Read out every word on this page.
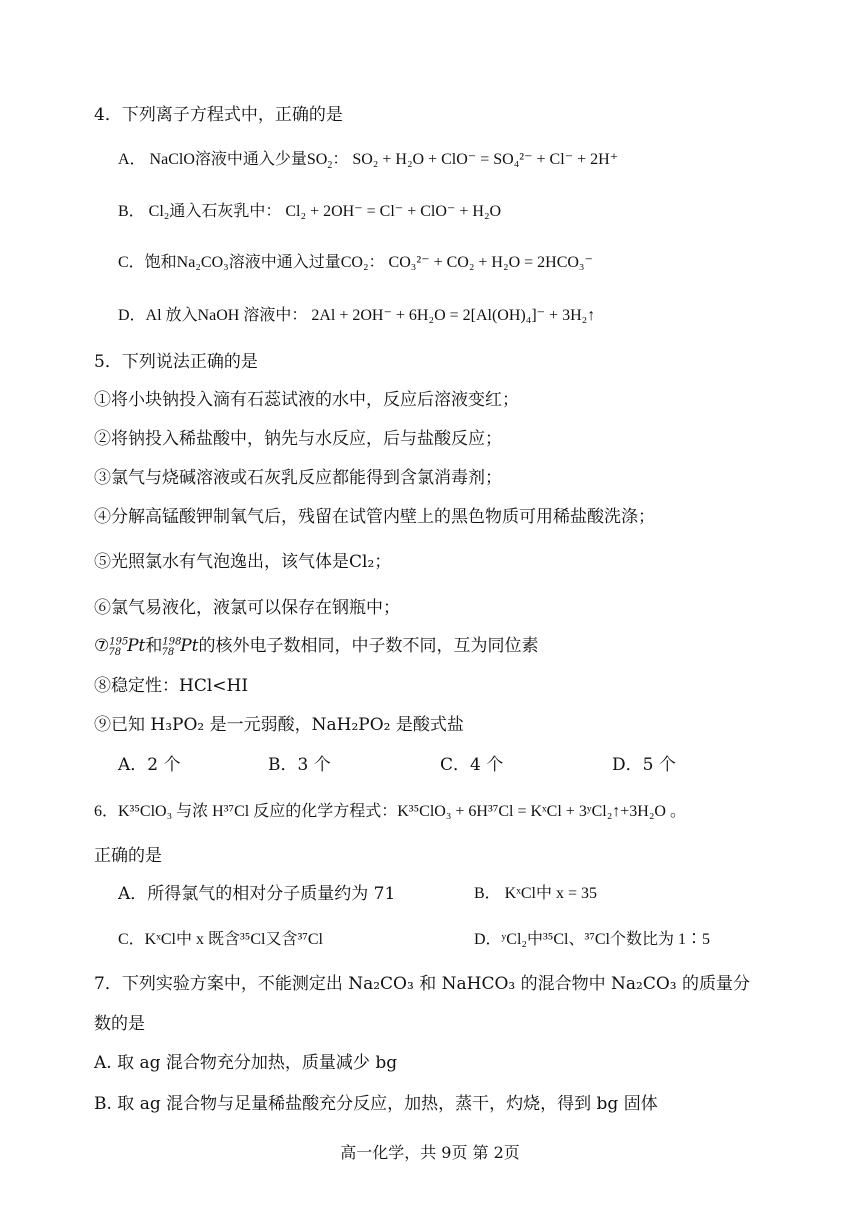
4．下列离子方程式中，正确的是
A． NaClO溶液中通入少量$SO_2$： SO₂ + H₂O + ClO⁻ = SO₄²⁻ + Cl⁻ + 2H⁺
B． Cl₂通入石灰乳中： Cl₂ + 2OH⁻ = Cl⁻ + ClO⁻ + H₂O
C．饱和Na₂CO₃溶液中通入过量CO₂： CO₃²⁻ + CO₂ + H₂O = 2HCO₃⁻
D．Al 放入NaOH 溶液中： 2Al + 2OH⁻ + 6H₂O = 2[Al(OH)₄]⁻ + 3H₂↑
5．下列说法正确的是
①将小块钠投入滴有石蕊试液的水中，反应后溶液变红；
②将钠投入稀盐酸中，钠先与水反应，后与盐酸反应；
③氯气与烧碱溶液或石灰乳反应都能得到含氯消毒剂；
④分解高锰酸钾制氧气后，残留在试管内壁上的黑色物质可用稀盐酸洗涤；
⑤光照氯水有气泡逸出，该气体是Cl₂；
⑥氯气易液化，液氯可以保存在钢瓶中；
⑦$^{195}_{78}$ Pt和$^{198}_{78}$ Pt的核外电子数相同，中子数不同，互为同位素
⑧稳定性：HCl<HI
⑨已知 H₃PO₂ 是一元弱酸，NaH₂PO₂ 是酸式盐
A．2 个	B．3 个	C．4 个	D．5 个
6．K³⁵ClO₃ 与浓 H³⁷Cl 反应的化学方程式：K³⁵ClO₃ + 6H³⁷Cl = KˣCl + 3ʸCl₂↑+3H₂O 。
正确的是
A．所得氯气的相对分子质量约为 71	B． KˣCl中 x = 35
C．KˣCl中 x 既含³⁵Cl又含³⁷Cl	D．ʸCl₂中³⁵Cl、³⁷Cl个数比为 1∶5
7．下列实验方案中，不能测定出 Na₂CO₃ 和 NaHCO₃ 的混合物中 Na₂CO₃ 的质量分
数的是
A. 取 ag 混合物充分加热，质量减少 bg
B. 取 ag 混合物与足量稀盐酸充分反应，加热，蒸干，灼烧，得到 bg 固体
高一化学，共 9页 第 2页
